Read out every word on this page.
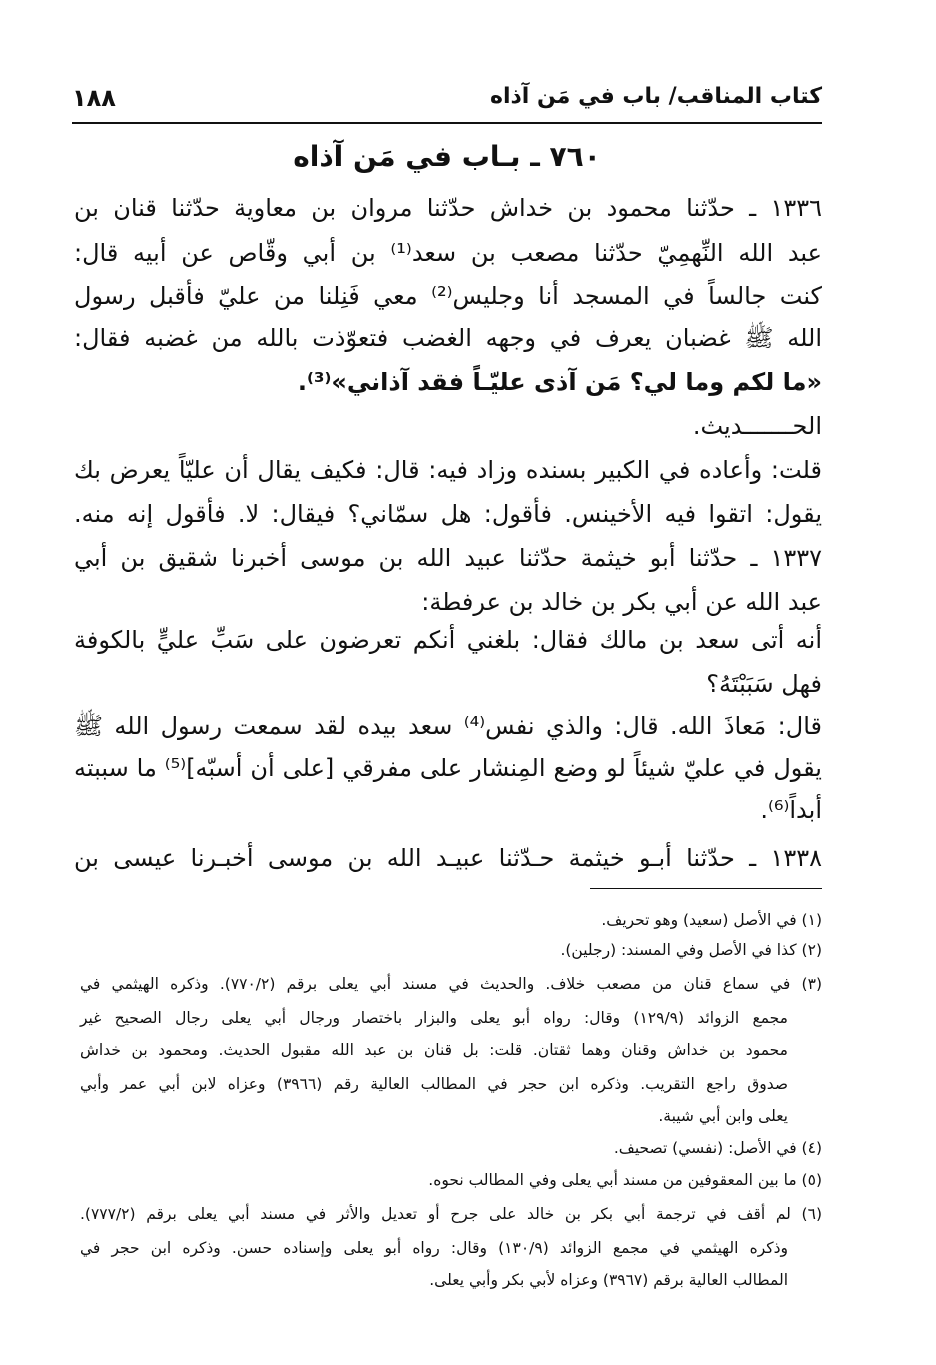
كتاب المناقب/ باب في مَن آذاه
١٨٨
٧٦٠ ـ بـاب في مَن آذاه
١٣٣٦ ـ حدّثنا محمود بن خداش حدّثنا مروان بن معاوية حدّثنا قنان بن
عبد الله النِّهمِيّ حدّثنا مصعب بن سعد⁽¹⁾ بن أبي وقّاص عن أبيه قال:
كنت جالساً في المسجد أنا وجليس⁽²⁾ معي فَنِلنا من عليّ فأقبل رسول
الله ﷺ غضبان يعرف في وجهه الغضب فتعوّذت بالله من غضبه فقال:
«ما لكم وما لي؟ مَن آذى عليّـاً فقد آذاني»⁽³⁾.
الحـــــــديث.
قلت: وأعاده في الكبير بسنده وزاد فيه: قال: فكيف يقال أن عليّاً يعرض بك
يقول: اتقوا فيه الأخينس. فأقول: هل سمّاني؟ فيقال: لا. فأقول إنه منه.
١٣٣٧ ـ حدّثنا أبو خيثمة حدّثنا عبيد الله بن موسى أخبرنا شقيق بن أبي
عبد الله عن أبي بكر بن خالد بن عرفطة:
أنه أتى سعد بن مالك فقال: بلغني أنكم تعرضون على سَبِّ عليٍّ بالكوفة
فهل سَبَبْتَهُ؟
قال: مَعاذَ الله. قال: والذي نفس⁽⁴⁾ سعد بيده لقد سمعت رسول الله ﷺ
يقول في عليّ شيئاً لو وضع المِنشار على مفرقي [على أن أسبّه]⁽⁵⁾ ما سببته
أبداً⁽⁶⁾.
١٣٣٨ ـ حدّثنا أبـو خيثمة حـدّثنا عبيـد الله بن موسى أخبـرنا عيسى بن
(١) في الأصل (سعيد) وهو تحريف.
(٢) كذا في الأصل وفي المسند: (رجلين).
(٣) في سماع قنان من مصعب خلاف. والحديث في مسند أبي يعلى برقم (٧٧٠/٢). وذكره الهيثمي في
مجمع الزوائد (١٢٩/٩) وقال: رواه أبو يعلى والبزار باختصار ورجال أبي يعلى رجال الصحيح غير
محمود بن خداش وقنان وهما ثقتان. قلت: بل قنان بن عبد الله مقبول الحديث. ومحمود بن خداش
صدوق راجع التقريب. وذكره ابن حجر في المطالب العالية رقم (٣٩٦٦) وعزاه لابن أبي عمر وأبي
يعلى وابن أبي شيبة.
(٤) في الأصل: (نفسي) تصحيف.
(٥) ما بين المعقوفين من مسند أبي يعلى وفي المطالب نحوه.
(٦) لم أقف في ترجمة أبي بكر بن خالد على جرح أو تعديل والأثر في مسند أبي يعلى برقم (٧٧٧/٢).
وذكره الهيثمي في مجمع الزوائد (١٣٠/٩) وقال: رواه أبو يعلى وإسناده حسن. وذكره ابن حجر في
المطالب العالية برقم (٣٩٦٧) وعزاه لأبي بكر وأبي يعلى.
